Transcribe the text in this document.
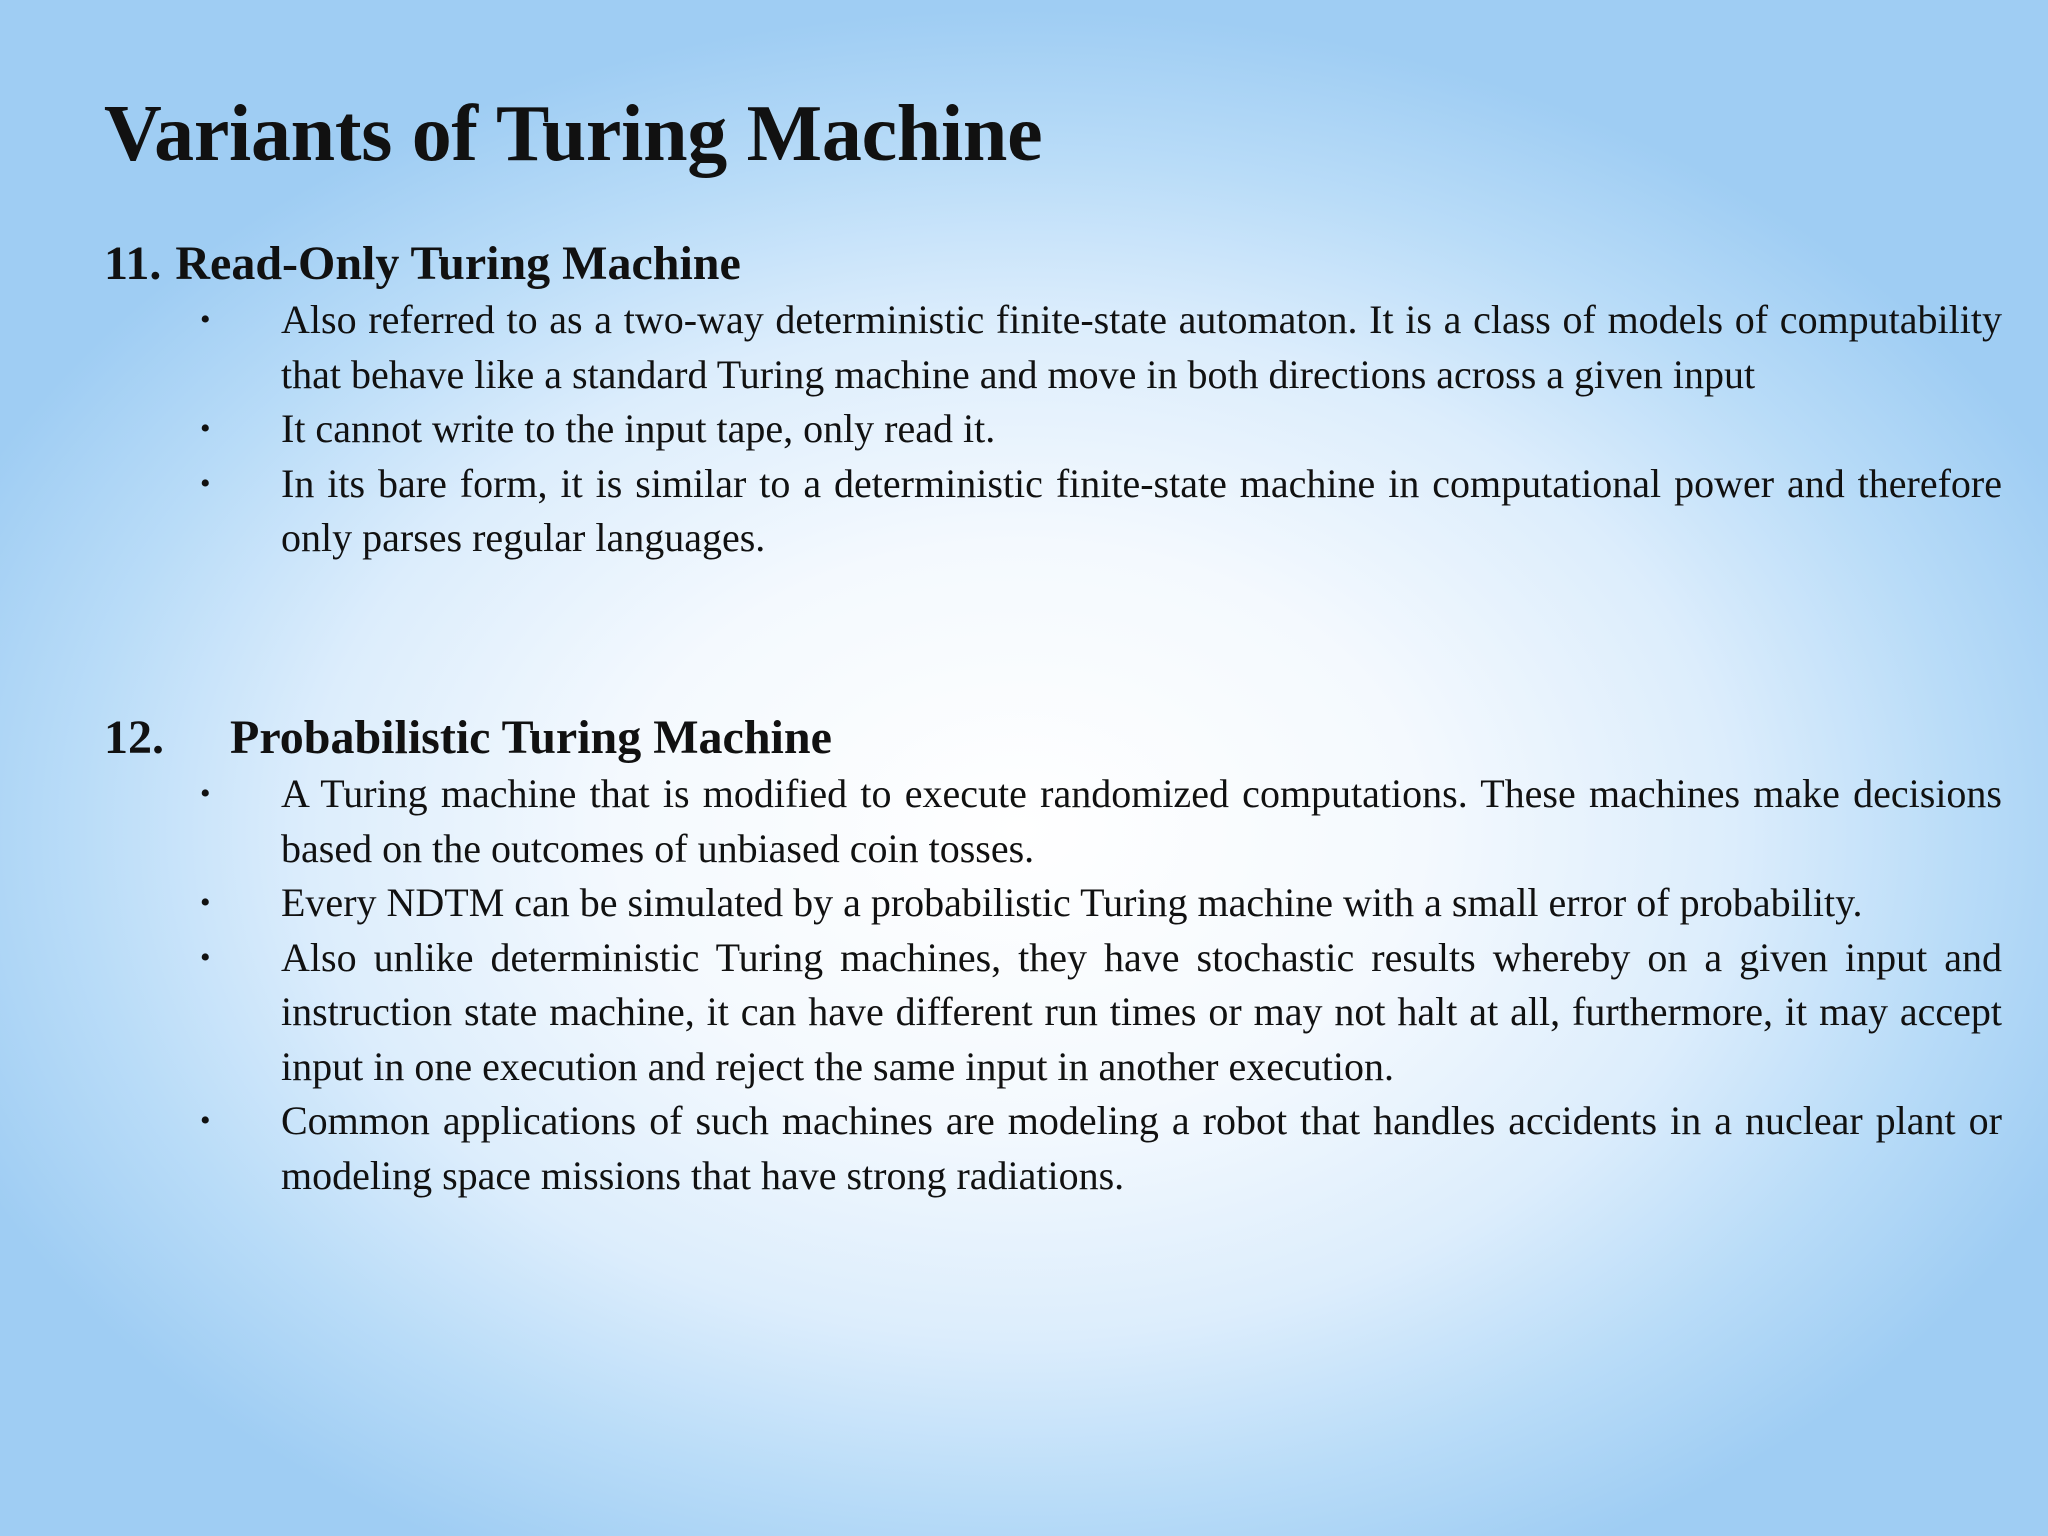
Variants of Turing Machine
11. Read-Only Turing Machine
• Also referred to as a two-way deterministic finite-state automaton. It is a class of models of computability that behave like a standard Turing machine and move in both directions across a given input
• It cannot write to the input tape, only read it.
• In its bare form, it is similar to a deterministic finite-state machine in computational power and therefore only parses regular languages.
12.	Probabilistic Turing Machine
• A Turing machine that is modified to execute randomized computations. These machines make decisions based on the outcomes of unbiased coin tosses.
• Every NDTM can be simulated by a probabilistic Turing machine with a small error of probability.
• Also unlike deterministic Turing machines, they have stochastic results whereby on a given input and instruction state machine, it can have different run times or may not halt at all, furthermore, it may accept input in one execution and reject the same input in another execution.
• Common applications of such machines are modeling a robot that handles accidents in a nuclear plant or modeling space missions that have strong radiations.
